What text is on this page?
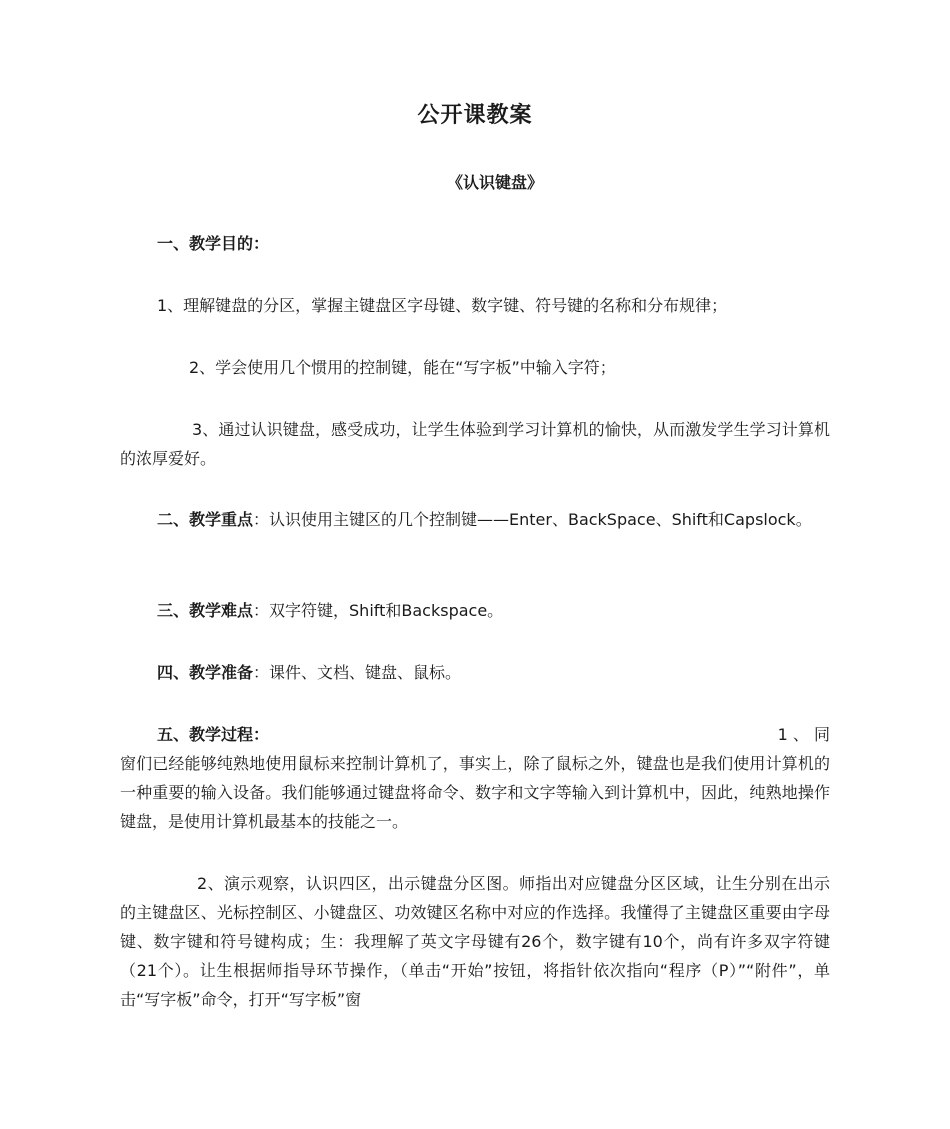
公开课教案
《认识键盘》
一、教学目的：
1、理解键盘的分区，掌握主键盘区字母键、数字键、符号键的名称和分布规律；
2、学会使用几个惯用的控制键，能在“写字板”中输入字符；
3、通过认识键盘，感受成功，让学生体验到学习计算机的愉快，从而激发学生学习计算机的浓厚爱好。
二、教学重点：认识使用主键区的几个控制键——Enter、BackSpace、Shift和Capslock。
三、教学难点：双字符键，Shift和Backspace。
四、教学准备：课件、文档、键盘、鼠标。
五、教学过程：	1 、 同
窗们已经能够纯熟地使用鼠标来控制计算机了，事实上，除了鼠标之外，键盘也是我们使用计算机的一种重要的输入设备。我们能够通过键盘将命令、数字和文字等输入到计算机中，因此，纯熟地操作键盘，是使用计算机最基本的技能之一。
2、演示观察，认识四区，出示键盘分区图。师指出对应键盘分区区域，让生分别在出示的主键盘区、光标控制区、小键盘区、功效键区名称中对应的作选择。我懂得了主键盘区重要由字母键、数字键和符号键构成；生：我理解了英文字母键有26个，数字键有10个，尚有许多双字符键（21个）。让生根据师指导环节操作，（单击“开始”按钮，将指针依次指向“程序（P）”“附件”，单击“写字板”命令，打开“写字板”窗
